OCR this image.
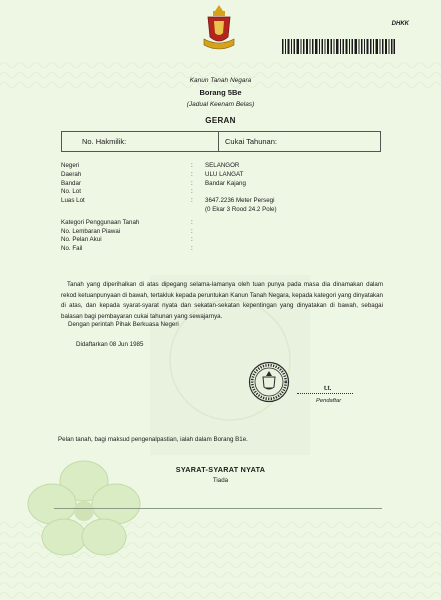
DHKK
Kanun Tanah Negara
Borang 5Be
(Jadual Keenam Belas)
GERAN
No. Hakmilik:	Cukai Tahunan:
Negeri	:	SELANGOR
Daerah	:	ULU LANGAT
Bandar	:	Bandar Kajang
No. Lot	:
Luas Lot	:	3647.2236 Meter Persegi
(0 Ekar 3 Rood 24.2 Pole)
Kategori Penggunaan Tanah	:
No. Lembaran Piawai	:
No. Pelan Akui	:
No. Fail	:
Tanah yang diperihalkan di atas dipegang selama-lamanya oleh tuan punya pada masa dia dinamakan dalam rekod ketuanpunyaan di bawah, tertakluk kepada peruntukan Kanun Tanah Negara, kepada kategori yang dinyatakan di atas, dan kepada syarat-syarat nyata dan sekatan-sekatan kepentingan yang dinyatakan di bawah, sebagai balasan bagi pembayaran cukai tahunan yang sewajarnya.
Dengan perintah Pihak Berkuasa Negeri
Didaftarkan 08 Jun 1985
t.t.
Pendaftar
Pelan tanah, bagi maksud pengenalpastian, ialah dalam Borang B1e.
SYARAT-SYARAT NYATA
Tiada
